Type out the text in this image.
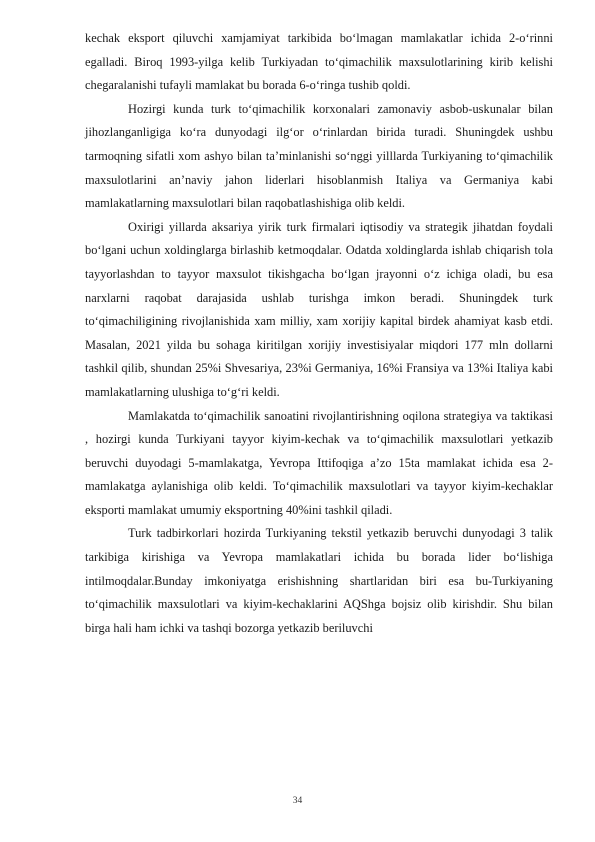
kechak eksport qiluvchi xamjamiyat tarkibida bo‘lmagan mamlakatlar ichida 2-o‘rinni egalladi. Biroq 1993-yilga kelib Turkiyadan to‘qimachilik maxsulotlarining kirib kelishi chegaralanishi tufayli mamlakat bu borada 6-o‘ringa tushib qoldi.

Hozirgi kunda turk to‘qimachilik korxonalari zamonaviy asbob-uskunalar bilan jihozlanganligiga ko‘ra dunyodagi ilg‘or o‘rinlardan birida turadi. Shuningdek ushbu tarmoqning sifatli xom ashyo bilan ta’minlanishi so‘nggi yilllarda Turkiyaning to‘qimachilik maxsulotlarini an’naviy jahon liderlari hisoblanmish Italiya va Germaniya kabi mamlakatlarning maxsulotlari bilan raqobatlashishiga olib keldi.

Oxirigi yillarda aksariya yirik turk firmalari iqtisodiy va strategik jihatdan foydali bo‘lgani uchun xoldinglarga birlashib ketmoqdalar. Odatda xoldinglarda ishlab chiqarish tola tayyorlashdan to tayyor maxsulot tikishgacha bo‘lgan jrayonni o‘z ichiga oladi, bu esa narxlarni raqobat darajasida ushlab turishga imkon beradi. Shuningdek turk to‘qimachiligining rivojlanishida xam milliy, xam xorijiy kapital birdek ahamiyat kasb etdi. Masalan, 2021 yilda bu sohaga kiritilgan xorijiy investisiyalar miqdori 177 mln dollarni tashkil qilib, shundan 25%i Shvesariya, 23%i Germaniya, 16%i Fransiya va 13%i Italiya kabi mamlakatlarning ulushiga to‘g‘ri keldi.

Mamlakatda to‘qimachilik sanoatini rivojlantirishning oqilona strategiya va taktikasi , hozirgi kunda Turkiyani tayyor kiyim-kechak va to‘qimachilik maxsulotlari yetkazib beruvchi duyodagi 5-mamlakatga, Yevropa Ittifoqiga a’zo 15ta mamlakat ichida esa 2-mamlakatga aylanishiga olib keldi. To‘qimachilik maxsulotlari va tayyor kiyim-kechaklar eksporti mamlakat umumiy eksportning 40%ini tashkil qiladi.

Turk tadbirkorlari hozirda Turkiyaning tekstil yetkazib beruvchi dunyodagi 3 talik tarkibiga kirishiga va Yevropa mamlakatlari ichida bu borada lider bo‘lishiga intilmoqdalar.Bunday imkoniyatga erishishning shartlaridan biri esa bu-Turkiyaning to‘qimachilik maxsulotlari va kiyim-kechaklarini AQShga bojsiz olib kirishdir. Shu bilan birga hali ham ichki va tashqi bozorga yetkazib beriluvchi

34
